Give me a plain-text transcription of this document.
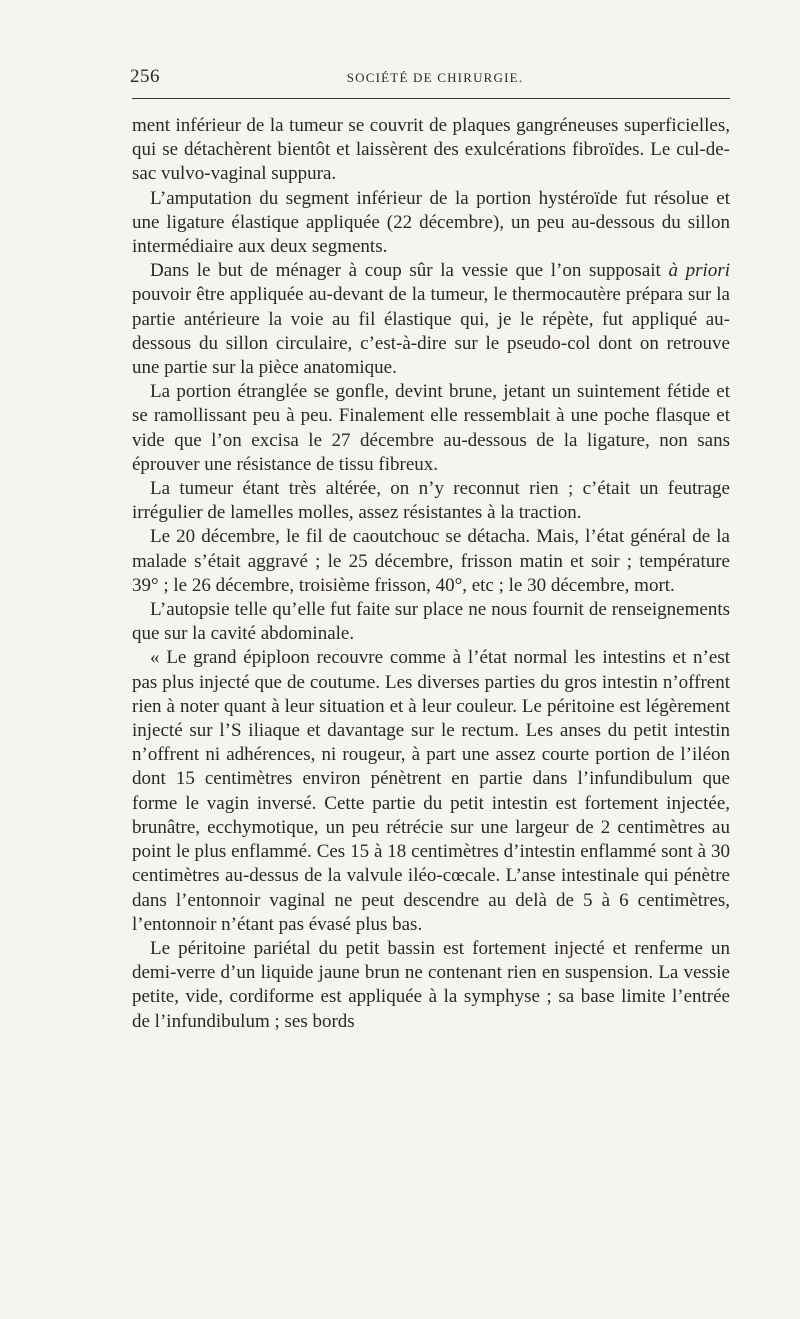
256	SOCIÉTÉ DE CHIRURGIE.

ment inférieur de la tumeur se couvrit de plaques gangréneuses superficielles, qui se détachèrent bientôt et laissèrent des exulcérations fibroïdes. Le cul-de-sac vulvo-vaginal suppura.

L’amputation du segment inférieur de la portion hystéroïde fut résolue et une ligature élastique appliquée (22 décembre), un peu au-dessous du sillon intermédiaire aux deux segments.

Dans le but de ménager à coup sûr la vessie que l’on supposait à priori pouvoir être appliquée au-devant de la tumeur, le thermocautère prépara sur la partie antérieure la voie au fil élastique qui, je le répète, fut appliqué au-dessous du sillon circulaire, c’est-à-dire sur le pseudo-col dont on retrouve une partie sur la pièce anatomique.

La portion étranglée se gonfle, devint brune, jetant un suintement fétide et se ramollissant peu à peu. Finalement elle ressemblait à une poche flasque et vide que l’on excisa le 27 décembre au-dessous de la ligature, non sans éprouver une résistance de tissu fibreux.

La tumeur étant très altérée, on n’y reconnut rien ; c’était un feutrage irrégulier de lamelles molles, assez résistantes à la traction.

Le 20 décembre, le fil de caoutchouc se détacha. Mais, l’état général de la malade s’était aggravé ; le 25 décembre, frisson matin et soir ; température 39° ; le 26 décembre, troisième frisson, 40°, etc ; le 30 décembre, mort.

L’autopsie telle qu’elle fut faite sur place ne nous fournit de renseignements que sur la cavité abdominale.

« Le grand épiploon recouvre comme à l’état normal les intestins et n’est pas plus injecté que de coutume. Les diverses parties du gros intestin n’offrent rien à noter quant à leur situation et à leur couleur. Le péritoine est légèrement injecté sur l’S iliaque et davantage sur le rectum. Les anses du petit intestin n’offrent ni adhérences, ni rougeur, à part une assez courte portion de l’iléon dont 15 centimètres environ pénètrent en partie dans l’infundibulum que forme le vagin inversé. Cette partie du petit intestin est fortement injectée, brunâtre, ecchymotique, un peu rétrécie sur une largeur de 2 centimètres au point le plus enflammé. Ces 15 à 18 centimètres d’intestin enflammé sont à 30 centimètres au-dessus de la valvule iléo-cœcale. L’anse intestinale qui pénètre dans l’entonnoir vaginal ne peut descendre au delà de 5 à 6 centimètres, l’entonnoir n’étant pas évasé plus bas.

Le péritoine pariétal du petit bassin est fortement injecté et renferme un demi-verre d’un liquide jaune brun ne contenant rien en suspension. La vessie petite, vide, cordiforme est appliquée à la symphyse ; sa base limite l’entrée de l’infundibulum ; ses bords
